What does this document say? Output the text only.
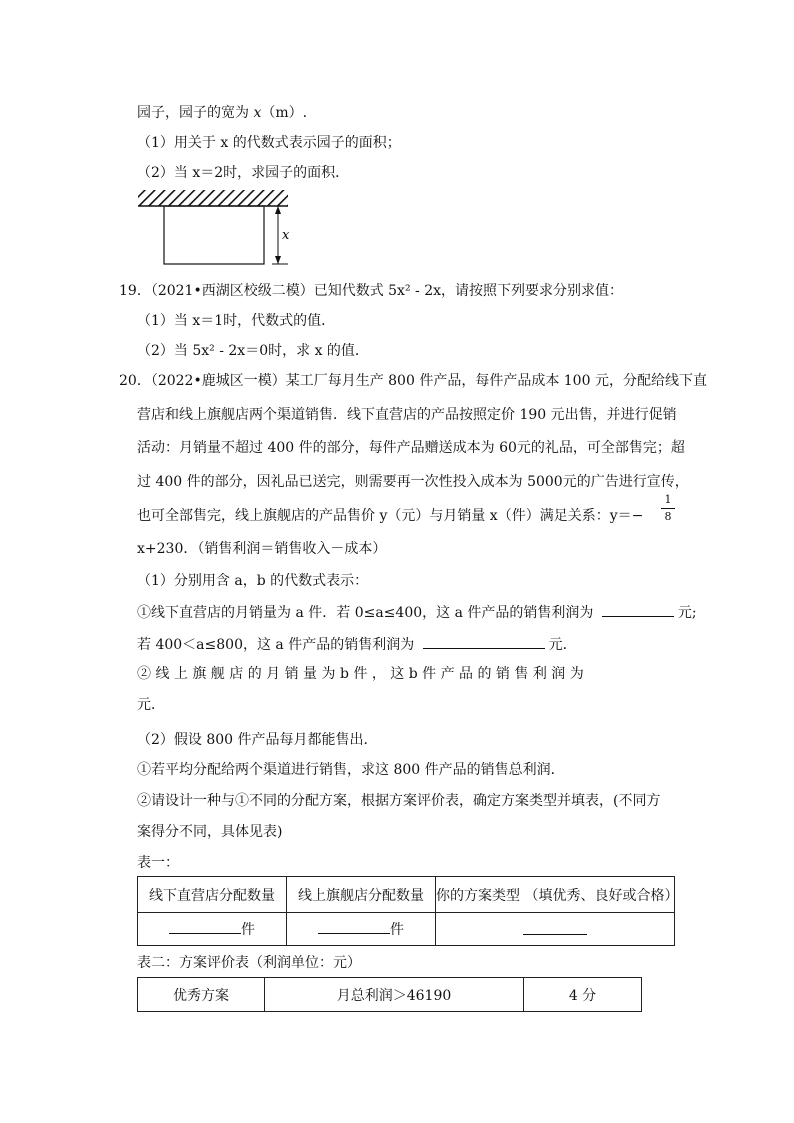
园子，园子的宽为 x（m）.
（1）用关于 x 的代数式表示园子的面积；
（2）当 x＝2时，求园子的面积．
x
19．（2021•西湖区校级二模）已知代数式 5x² - 2x，请按照下列要求分别求值：
（1）当 x＝1时，代数式的值．
（2）当 5x² - 2x＝0时，求 x 的值．
20．（2022•鹿城区一模）某工厂每月生产 800 件产品，每件产品成本 100 元，分配给线下直
营店和线上旗舰店两个渠道销售．线下直营店的产品按照定价 190 元出售，并进行促销
活动：月销量不超过 400 件的部分，每件产品赠送成本为 60元的礼品，可全部售完；超
过 400 件的部分，因礼品已送完，则需要再一次性投入成本为 5000元的广告进行宣传，
也可全部售完，线上旗舰店的产品售价 y（元）与月销量 x（件）满足关系：y＝−
1
8
x+230．（销售利润＝销售收入－成本）
（1）分别用含 a，b 的代数式表示：
①线下直营店的月销量为 a 件．若 0≤a≤400，这 a 件产品的销售利润为	元;
若 400＜a≤800，这 a 件产品的销售利润为	元．
② 线 上 旗 舰 店 的 月 销 量 为 b 件 ， 这 b 件 产 品 的 销 售 利 润 为
元．
（2）假设 800 件产品每月都能售出．
①若平均分配给两个渠道进行销售，求这 800 件产品的销售总利润．
②请设计一种与①不同的分配方案，根据方案评价表，确定方案类型并填表，(不同方
案得分不同，具体见表)
表一：
线下直营店分配数量	线上旗舰店分配数量	你的方案类型 （填优秀、良好或合格）
件	件	
表二：方案评价表（利润单位：元）
优秀方案	月总利润＞46190	4 分
